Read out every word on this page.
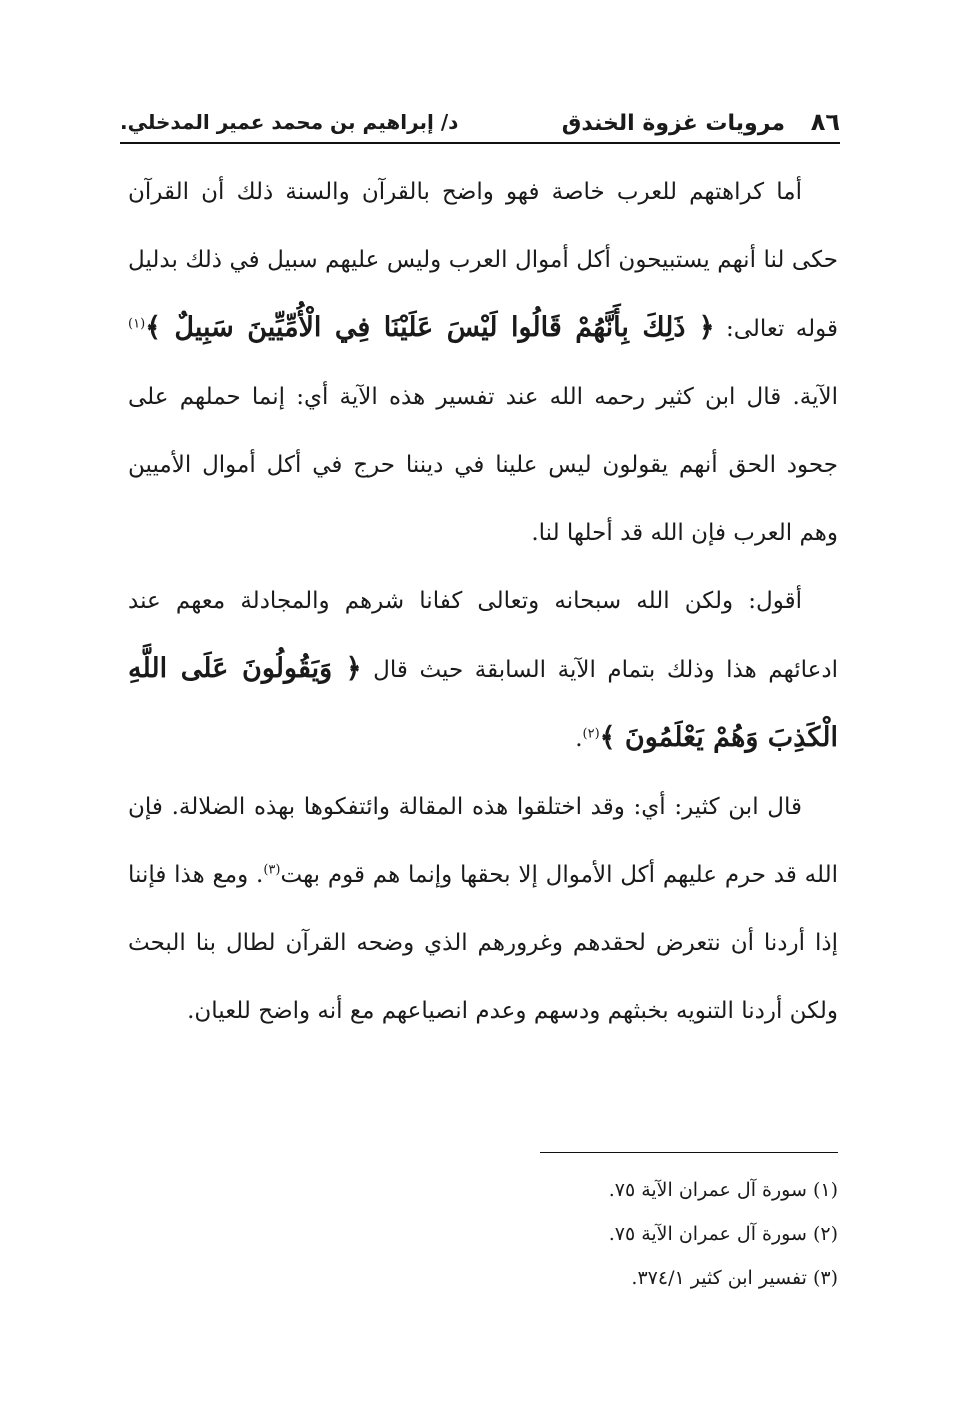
٨٦ مرويات غزوة الخندق
د/ إبراهيم بن محمد عمير المدخلي.

أما كراهتهم للعرب خاصة فهو واضح بالقرآن والسنة ذلك أن القرآن حكى لنا أنهم يستبيحون أكل أموال العرب وليس عليهم سبيل في ذلك بدليل قوله تعالى: ﴿ ذَلِكَ بِأَنَّهُمْ قَالُوا لَيْسَ عَلَيْنَا فِي الْأُمِّيِّينَ سَبِيلٌ ﴾$^{(١)}$ الآية. قال ابن كثير رحمه الله عند تفسير هذه الآية أي: إنما حملهم على جحود الحق أنهم يقولون ليس علينا في ديننا حرج في أكل أموال الأميين وهم العرب فإن الله قد أحلها لنا.

أقول: ولكن الله سبحانه وتعالى كفانا شرهم والمجادلة معهم عند ادعائهم هذا وذلك بتمام الآية السابقة حيث قال ﴿ وَيَقُولُونَ عَلَى اللَّهِ الْكَذِبَ وَهُمْ يَعْلَمُونَ ﴾$^{(٢)}$.

قال ابن كثير: أي: وقد اختلقوا هذه المقالة وائتفكوها بهذه الضلالة. فإن الله قد حرم عليهم أكل الأموال إلا بحقها وإنما هم قوم بهت$^{(٣)}$. ومع هذا فإننا إذا أردنا أن نتعرض لحقدهم وغرورهم الذي وضحه القرآن لطال بنا البحث ولكن أردنا التنويه بخبثهم ودسهم وعدم انصياعهم مع أنه واضح للعيان.

(١) سورة آل عمران الآية ٧٥.

(٢) سورة آل عمران الآية ٧٥.

(٣) تفسير ابن كثير ٣٧٤/١.
